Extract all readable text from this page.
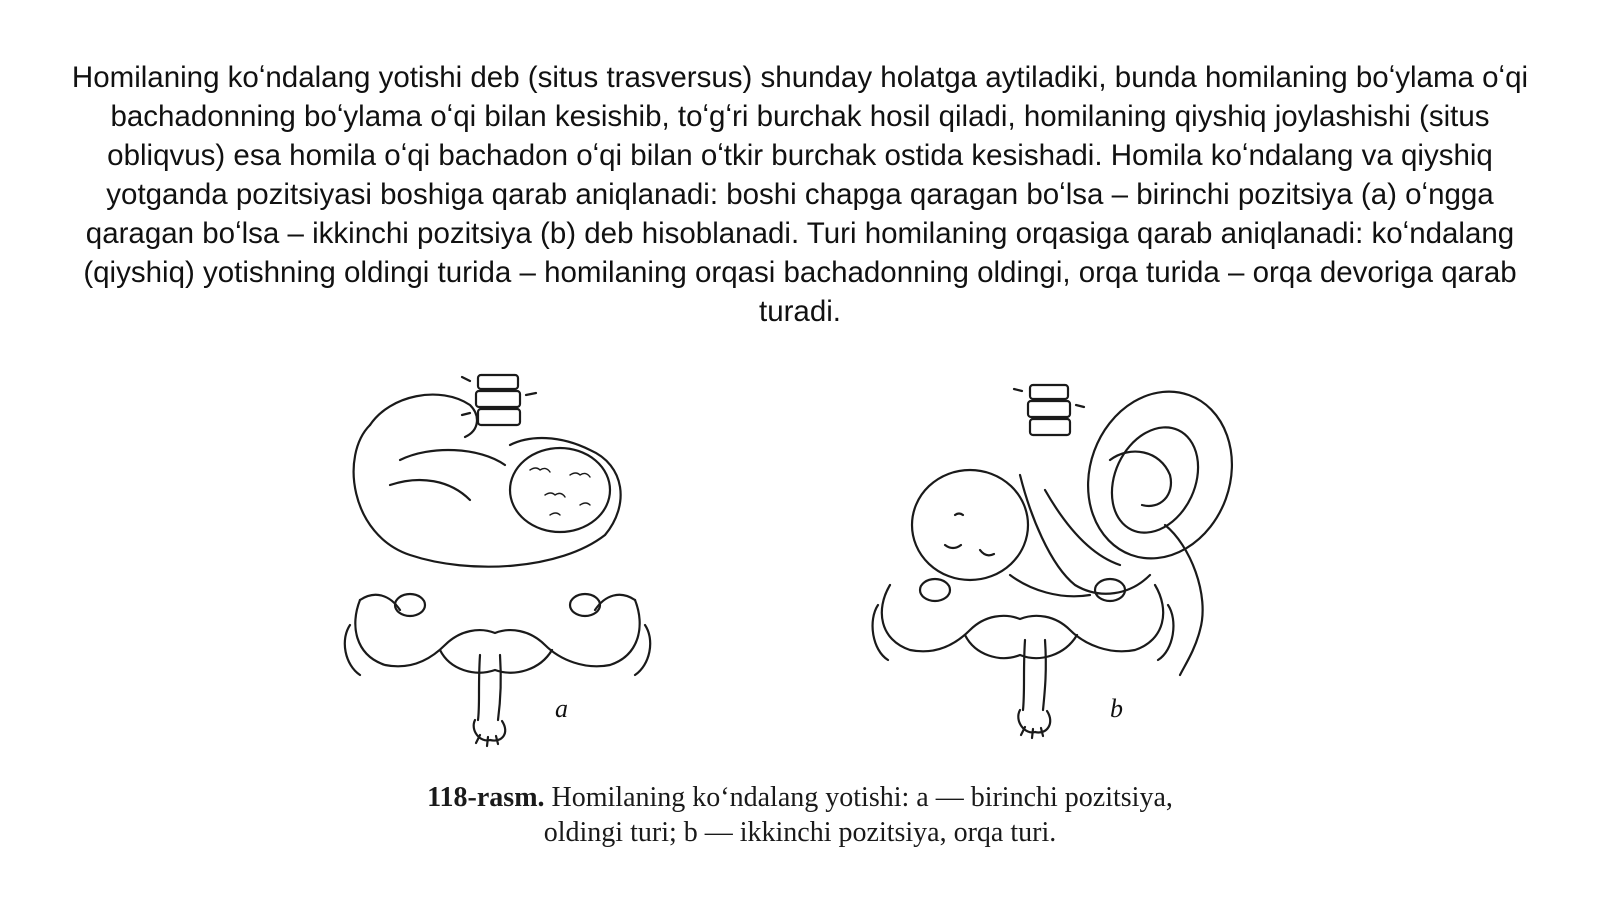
Homilaning koʻndalang yotishi deb (situs trasversus) shunday holatga aytiladiki, bunda homilaning boʻylama oʻqi bachadonning boʻylama oʻqi bilan kesishib, toʻgʻri burchak hosil qiladi, homilaning qiyshiq joylashishi (situs obliqvus) esa homila oʻqi bachadon oʻqi bilan oʻtkir burchak ostida kesishadi. Homila koʻndalang va qiyshiq yotganda pozitsiyasi boshiga qarab aniqlanadi: boshi chapga qaragan boʻlsa – birinchi pozitsiya (a) oʻngga qaragan boʻlsa – ikkinchi pozitsiya (b) deb hisoblanadi. Turi homilaning orqasiga qarab aniqlanadi: koʻndalang (qiyshiq) yotishning oldingi turida – homilaning orqasi bachadonning oldingi, orqa turida – orqa devoriga qarab turadi.
a	b
118-rasm. Homilaning koʻndalang yotishi: a — birinchi pozitsiya,
oldingi turi; b — ikkinchi pozitsiya, orqa turi.
